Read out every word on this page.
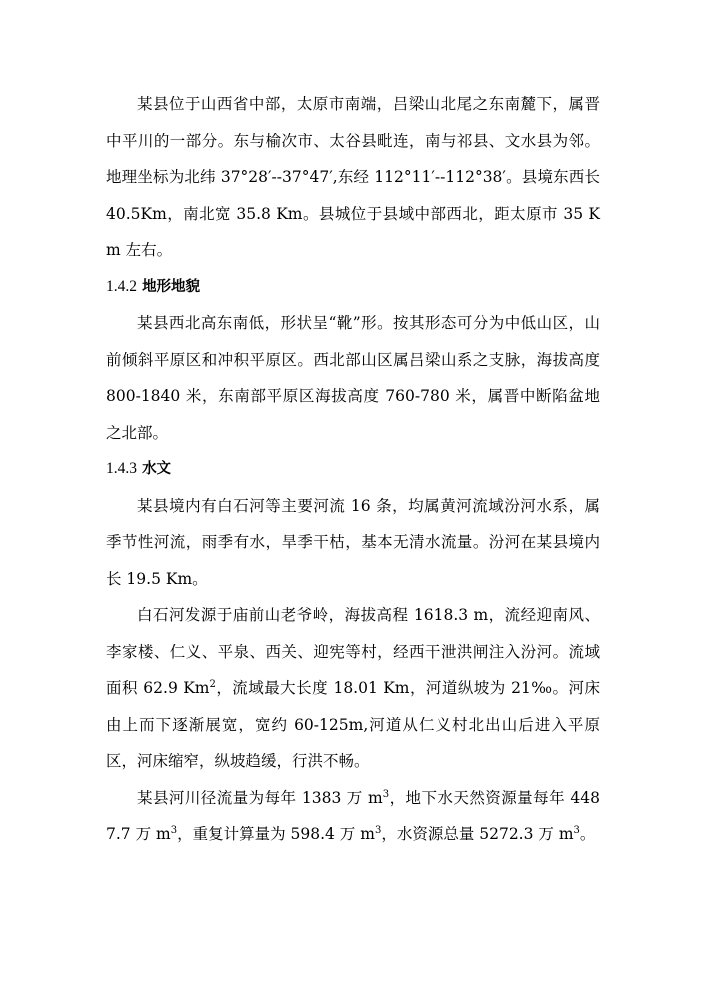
某县位于山西省中部，太原市南端，吕梁山北尾之东南麓下，属晋中平川的一部分。东与榆次市、太谷县毗连，南与祁县、文水县为邻。地理坐标为北纬 37°28′--37°47′,东经 112°11′--112°38′。县境东西长 40.5Km，南北宽 35.8 Km。县城位于县域中部西北，距太原市 35 Km 左右。

1.4.2 地形地貌

某县西北高东南低，形状呈“靴”形。按其形态可分为中低山区，山前倾斜平原区和冲积平原区。西北部山区属吕梁山系之支脉，海拔高度 800-1840 米，东南部平原区海拔高度 760-780 米，属晋中断陷盆地之北部。

1.4.3 水文

某县境内有白石河等主要河流 16 条，均属黄河流域汾河水系，属季节性河流，雨季有水，旱季干枯，基本无清水流量。汾河在某县境内长 19.5 Km。

白石河发源于庙前山老爷岭，海拔高程 1618.3 m，流经迎南风、李家楼、仁义、平泉、西关、迎宪等村，经西干泄洪闸注入汾河。流域面积 62.9 Km$^2$，流域最大长度 18.01 Km，河道纵坡为 21‰。河床由上而下逐渐展宽，宽约 60-125m,河道从仁义村北出山后进入平原区，河床缩窄，纵坡趋缓，行洪不畅。

某县河川径流量为每年 1383 万 $m^3$，地下水天然资源量每年 4487.7 万 $m^3$，重复计算量为 598.4 万 $m^3$，水资源总量 5272.3 万 $m^3$。
